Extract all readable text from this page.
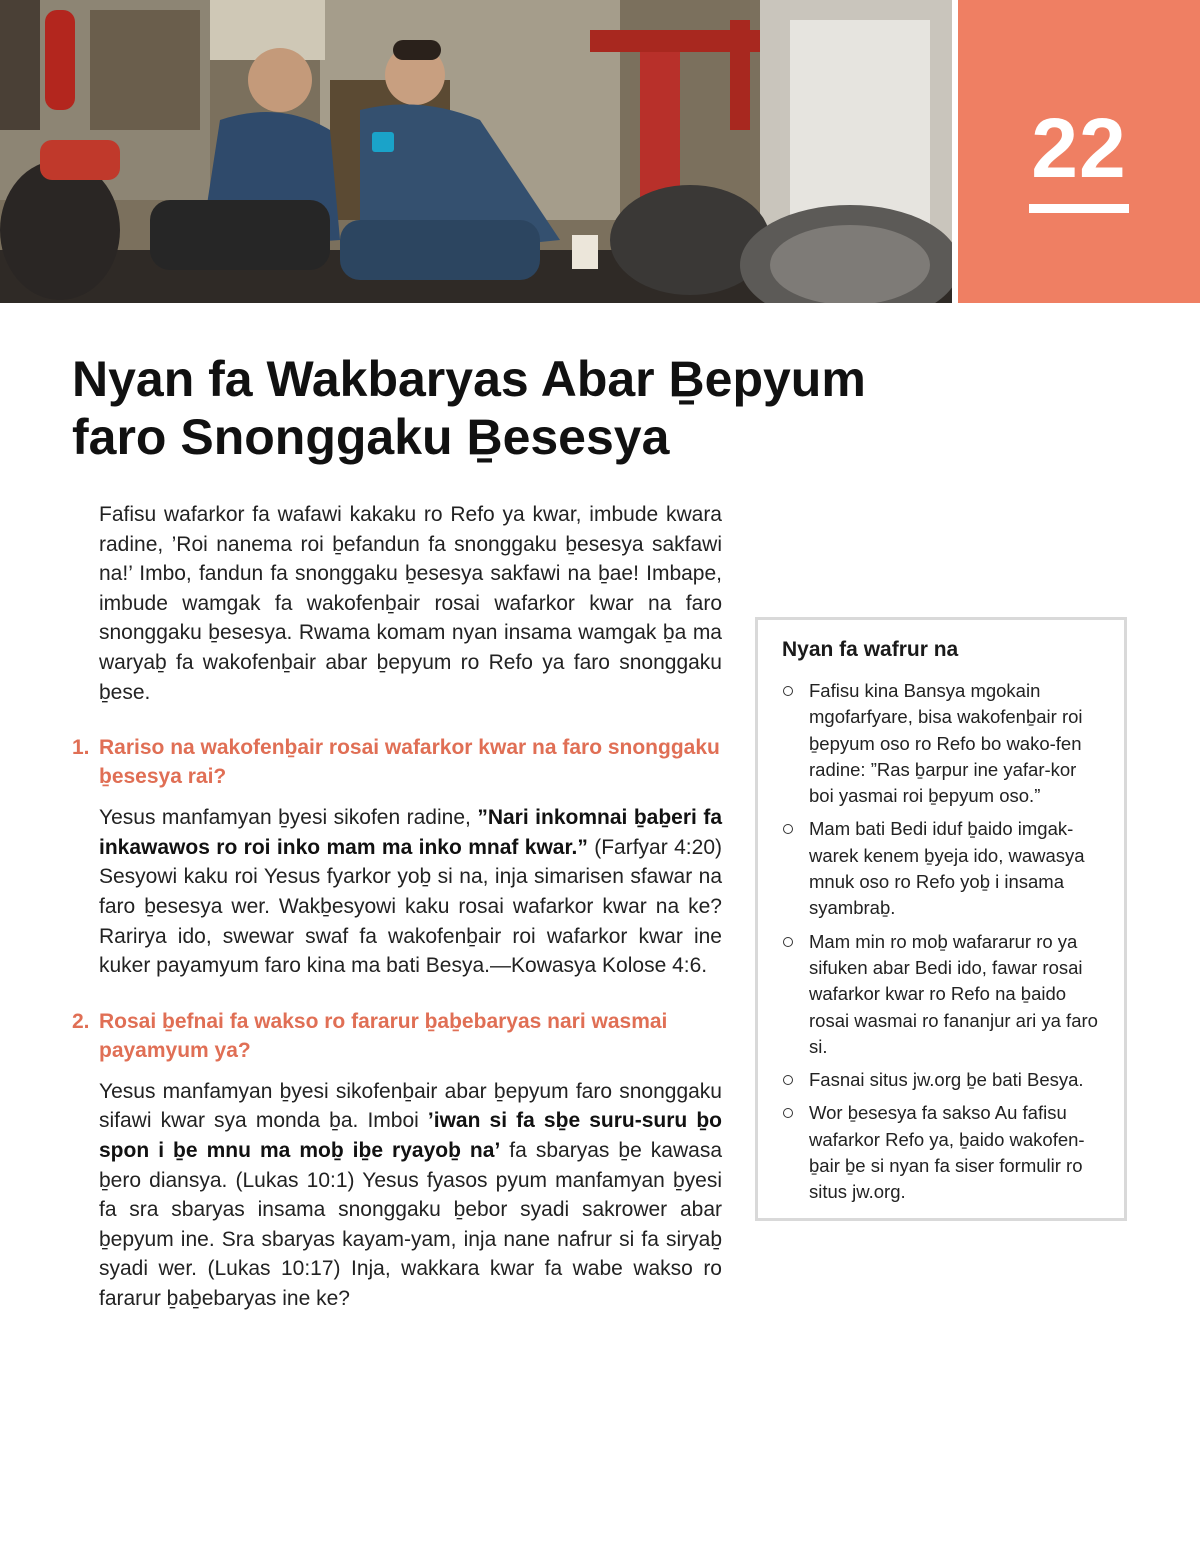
22
Nyan fa Wakbaryas Abar Ḇepyum
faro Snonggaku Ḇesesya

Fafisu wafarkor fa wafawi kakaku ro Refo ya kwar, imbude kwara radine, ’Roi nanema roi ḇefandun fa snonggaku ḇesesya sakfawi na!’ Imbo, fandun fa snonggaku ḇesesya sakfawi na ḇae! Imbape, imbude wamgak fa wakofenḇair rosai wafarkor kwar na faro snonggaku ḇesesya. Rwama komam nyan insama wamgak ḇa ma waryaḇ fa wakofenḇair abar ḇepyum ro Refo ya faro snonggaku ḇese.

1. Rariso na wakofenḇair rosai wafarkor kwar na faro snonggaku ḇesesya rai?

Yesus manfamyan ḇyesi sikofen radine, ”Nari inkomnai ḇaḇeri fa inkawawos ro roi inko mam ma inko mnaf kwar.” (Farfyar 4:20) Sesyowi kaku roi Yesus fyarkor yoḇ si na, inja simarisen sfawar na faro ḇesesya wer. Wakḇesyowi kaku rosai wafarkor kwar na ke? Rarirya ido, swewar swaf fa wakofenḇair roi wafarkor kwar ine kuker payamyum faro kina ma bati Besya.—Kowasya Kolose 4:6.

2. Rosai ḇefnai fa wakso ro fararur ḇaḇebaryas nari wasmai payamyum ya?

Yesus manfamyan ḇyesi sikofenḇair abar ḇepyum faro snonggaku sifawi kwar sya monda ḇa. Imboi ’iwan si fa sḇe suru-suru ḇo spon i ḇe mnu ma moḇ iḇe ryayoḇ na’ fa sbaryas ḇe kawasa ḇero diansya. (Lukas 10:1) Yesus fyasos pyum manfamyan ḇyesi fa sra sbaryas insama snonggaku ḇebor syadi sakrower abar ḇepyum ine. Sra sbaryas kayam-yam, inja nane nafrur si fa siryaḇ syadi wer. (Lukas 10:17) Inja, wakkara kwar fa wabe wakso ro fararur ḇaḇebaryas ine ke?

Nyan fa wafrur na
Fafisu kina Bansya mgokain mgofarfyare, bisa wakofenḇair roi ḇepyum oso ro Refo bo wako-fen radine: ”Ras ḇarpur ine yafar-kor boi yasmai roi ḇepyum oso.”
Mam bati Bedi iduf ḇaido imgak-warek kenem ḇyeja ido, wawasya mnuk oso ro Refo yoḇ i insama syambraḇ.
Mam min ro moḇ wafararur ro ya sifuken abar Bedi ido, fawar rosai wafarkor kwar ro Refo na ḇaido rosai wasmai ro fananjur ari ya faro si.
Fasnai situs jw.org ḇe bati Besya.
Wor ḇesesya fa sakso Au fafisu wafarkor Refo ya, ḇaido wakofen-ḇair ḇe si nyan fa siser formulir ro situs jw.org.
